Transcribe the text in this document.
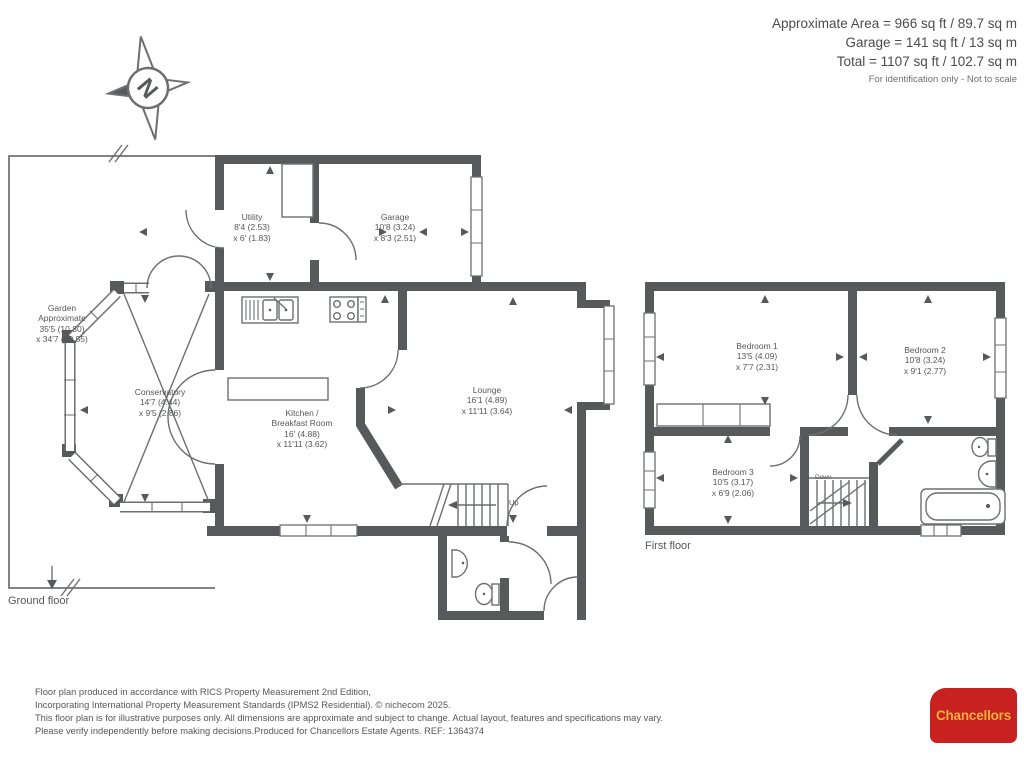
N
Approximate Area = 966 sq ft / 89.7 sq m
Garage = 141 sq ft / 13 sq m
Total = 1107 sq ft / 102.7 sq m
For identification only - Not to scale
Utility
8'4 (2.53)
x 6' (1.83)
Garage
10'8 (3.24)
x 8'3 (2.51)
Garden
Approximate
35'5 (10.80)
x 34'7 (10.55)
Conservatory
14'7 (4.44)
x 9'5 (2.86)	Kitchen /
Breakfast Room
16' (4.88)
x 11'11 (3.62)
Lounge
16'1 (4.89)
x 11'11 (3.64)
Bedroom 1
13'5 (4.09)
x 7'7 (2.31)
Bedroom 2
10'8 (3.24)
x 9'1 (2.77)
Bedroom 3
10'5 (3.17)
x 6'9 (2.06)
Up
Down
Ground floor
First floor
Floor plan produced in accordance with RICS Property Measurement 2nd Edition,
Incorporating International Property Measurement Standards (IPMS2 Residential). © nichecom 2025.
This floor plan is for illustrative purposes only. All dimensions are approximate and subject to change. Actual layout, features and specifications may vary.
Please verify independently before making decisions.Produced for Chancellors Estate Agents. REF: 1364374
Chancellors
